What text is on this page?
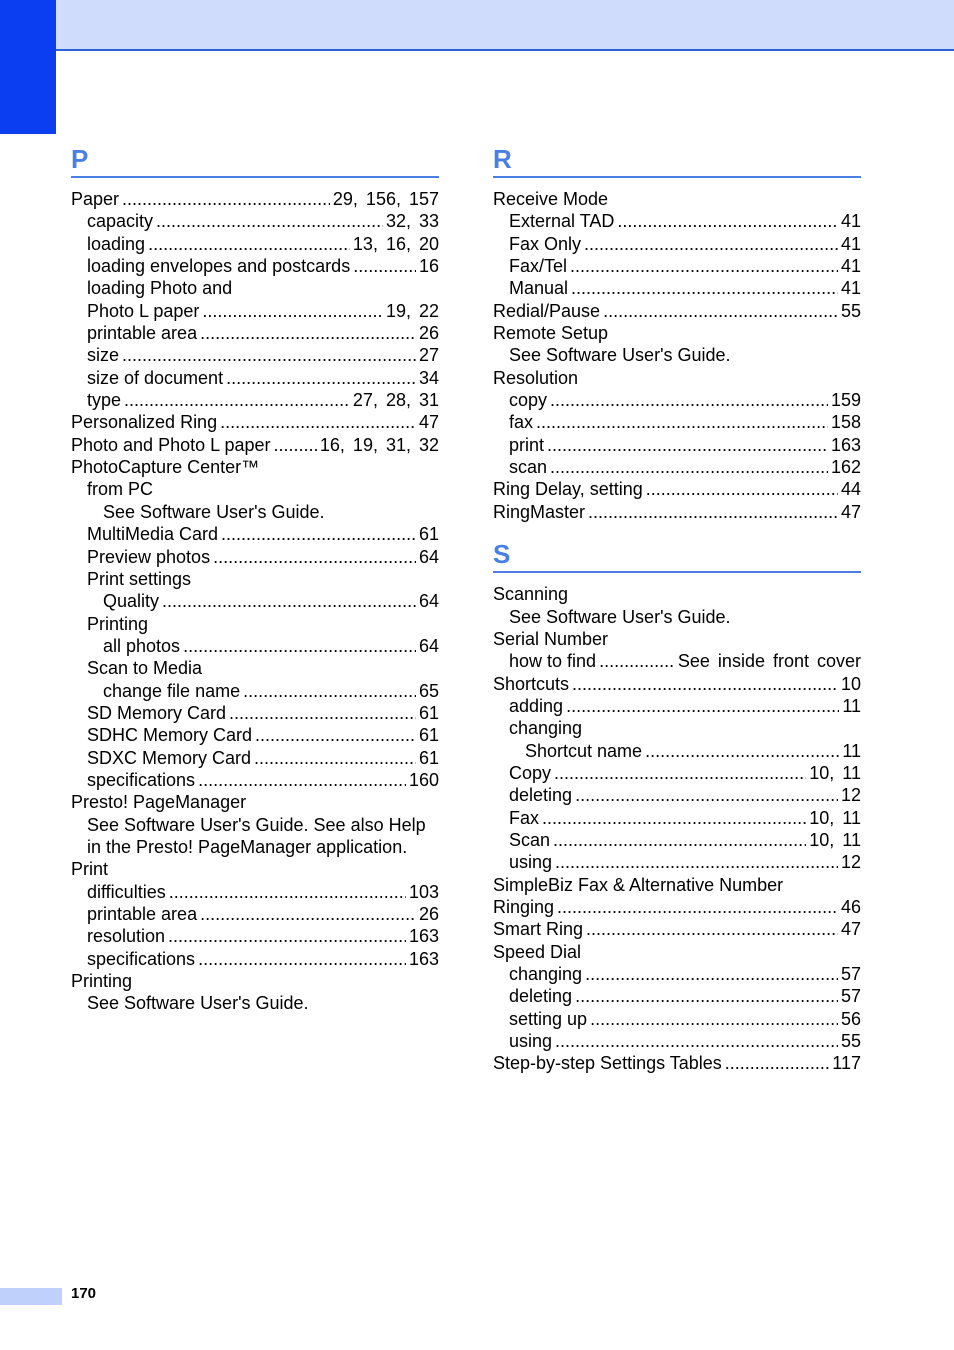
P
Paper .....	29, 156, 157
capacity .....	32, 33
loading .....	13, 16, 20
loading envelopes and postcards .....	16
loading Photo and
Photo L paper .....	19, 22
printable area .....	26
size .....	27
size of document .....	34
type .....	27, 28, 31
Personalized Ring .....	47
Photo and Photo L paper .....	16, 19, 31, 32
PhotoCapture Center™
from PC
See Software User's Guide.
MultiMedia Card .....	61
Preview photos .....	64
Print settings
Quality .....	64
Printing
all photos .....	64
Scan to Media
change file name .....	65
SD Memory Card .....	61
SDHC Memory Card .....	61
SDXC Memory Card .....	61
specifications .....	160
Presto! PageManager
See Software User's Guide. See also Help
in the Presto! PageManager application.
Print
difficulties .....	103
printable area .....	26
resolution .....	163
specifications .....	163
Printing
See Software User's Guide.
R
Receive Mode
External TAD .....	41
Fax Only .....	41
Fax/Tel .....	41
Manual .....	41
Redial/Pause .....	55
Remote Setup
See Software User's Guide.
Resolution
copy .....	159
fax .....	158
print .....	163
scan .....	162
Ring Delay, setting .....	44
RingMaster .....	47
S
Scanning
See Software User's Guide.
Serial Number
how to find .....	See inside front cover
Shortcuts .....	10
adding .....	11
changing
Shortcut name .....	11
Copy .....	10, 11
deleting .....	12
Fax .....	10, 11
Scan .....	10, 11
using .....	12
SimpleBiz Fax & Alternative Number
Ringing .....	46
Smart Ring .....	47
Speed Dial
changing .....	57
deleting .....	57
setting up .....	56
using .....	55
Step-by-step Settings Tables .....	117
170
